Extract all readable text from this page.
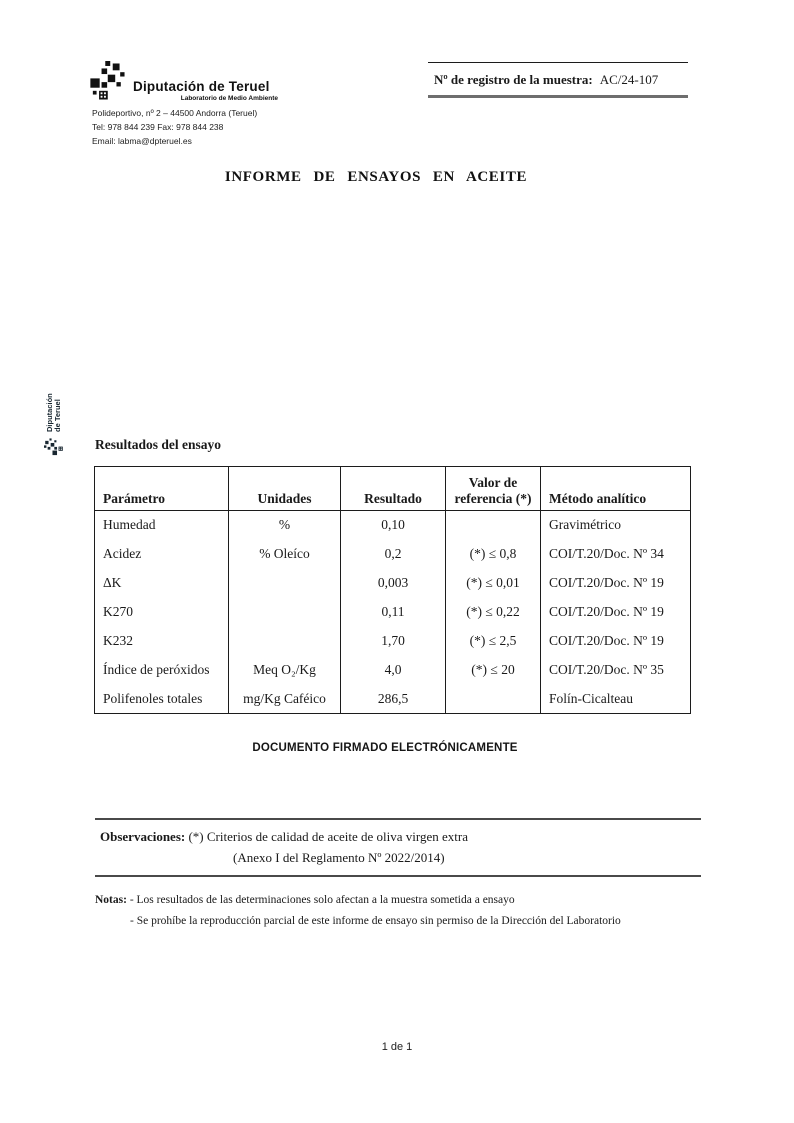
Diputación de Teruel
Laboratorio de Medio Ambiente
Polideportivo, nº 2 – 44500 Andorra (Teruel)
Tel: 978 844 239 Fax: 978 844 238
Email: labma@dpteruel.es
Nº de registro de la muestra: AC/24-107
INFORME DE ENSAYOS EN ACEITE
Diputación de Teruel
Resultados del ensayo
Parámetro	Unidades	Resultado	Valor de referencia (*)	Método analítico
Humedad	%	0,10		Gravimétrico
Acidez	% Oleíco	0,2	(*) ≤ 0,8	COI/T.20/Doc. Nº 34
ΔK		0,003	(*) ≤ 0,01	COI/T.20/Doc. Nº 19
K270		0,11	(*) ≤ 0,22	COI/T.20/Doc. Nº 19
K232		1,70	(*) ≤ 2,5	COI/T.20/Doc. Nº 19
Índice de peróxidos	Meq O₂/Kg	4,0	(*) ≤ 20	COI/T.20/Doc. Nº 35
Polifenoles totales	mg/Kg Caféico	286,5		Folín-Cicalteau
DOCUMENTO FIRMADO ELECTRÓNICAMENTE
Observaciones: (*) Criterios de calidad de aceite de oliva virgen extra
(Anexo I del Reglamento Nº 2022/2014)
Notas: - Los resultados de las determinaciones solo afectan a la muestra sometida a ensayo
- Se prohíbe la reproducción parcial de este informe de ensayo sin permiso de la Dirección del Laboratorio
1 de 1
